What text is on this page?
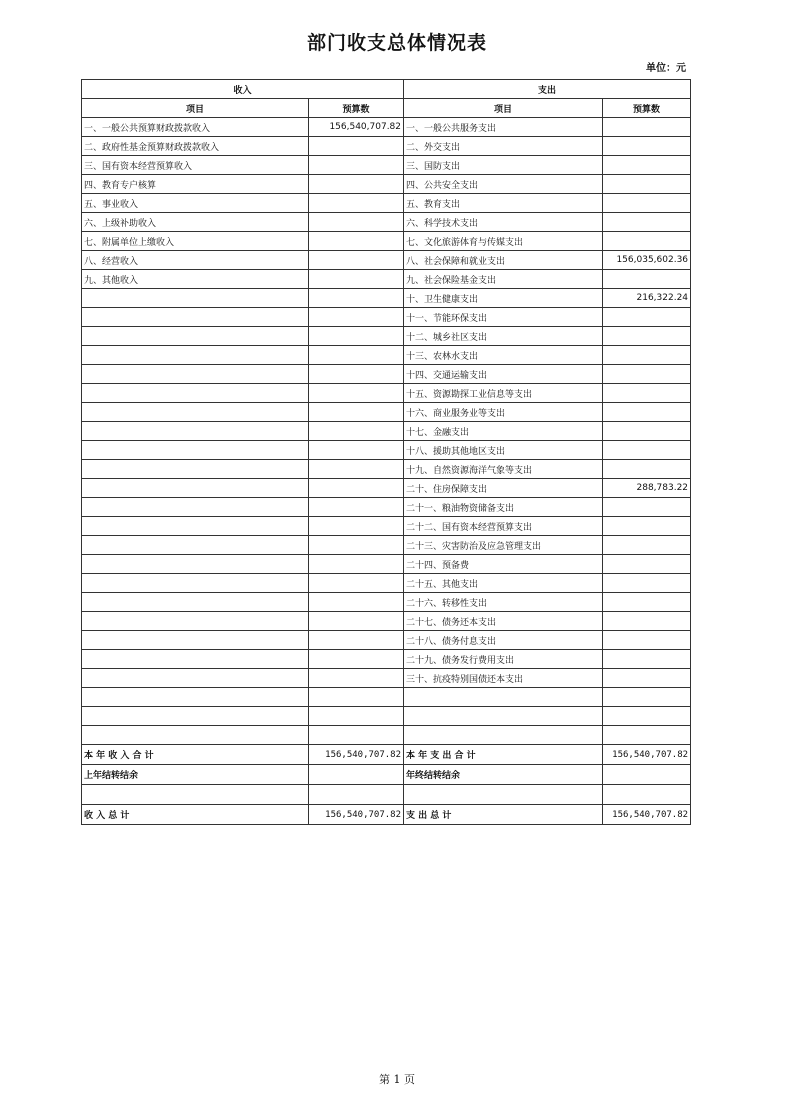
部门收支总体情况表
单位：元
收入		支出	
项目	预算数	项目	预算数
一、一般公共预算财政拨款收入	156,540,707.82	一、一般公共服务支出	
二、政府性基金预算财政拨款收入		二、外交支出	
三、国有资本经营预算收入		三、国防支出	
四、教育专户核算		四、公共安全支出	
五、事业收入		五、教育支出	
六、上级补助收入		六、科学技术支出	
七、附属单位上缴收入		七、文化旅游体育与传媒支出	
八、经营收入		八、社会保障和就业支出	156,035,602.36
九、其他收入		九、社会保险基金支出	
		十、卫生健康支出	216,322.24
		十一、节能环保支出	
		十二、城乡社区支出	
		十三、农林水支出	
		十四、交通运输支出	
		十五、资源勘探工业信息等支出	
		十六、商业服务业等支出	
		十七、金融支出	
		十八、援助其他地区支出	
		十九、自然资源海洋气象等支出	
		二十、住房保障支出	288,783.22
		二十一、粮油物资储备支出	
		二十二、国有资本经营预算支出	
		二十三、灾害防治及应急管理支出	
		二十四、预备费	
		二十五、其他支出	
		二十六、转移性支出	
		二十七、债务还本支出	
		二十八、债务付息支出	
		二十九、债务发行费用支出	
		三十、抗疫特别国债还本支出	

本 年 收 入 合 计	156,540,707.82	本 年 支 出 合 计	156,540,707.82
上年结转结余		年终结转结余	

收 入 总 计	156,540,707.82	支 出 总 计	156,540,707.82
第 1 页
